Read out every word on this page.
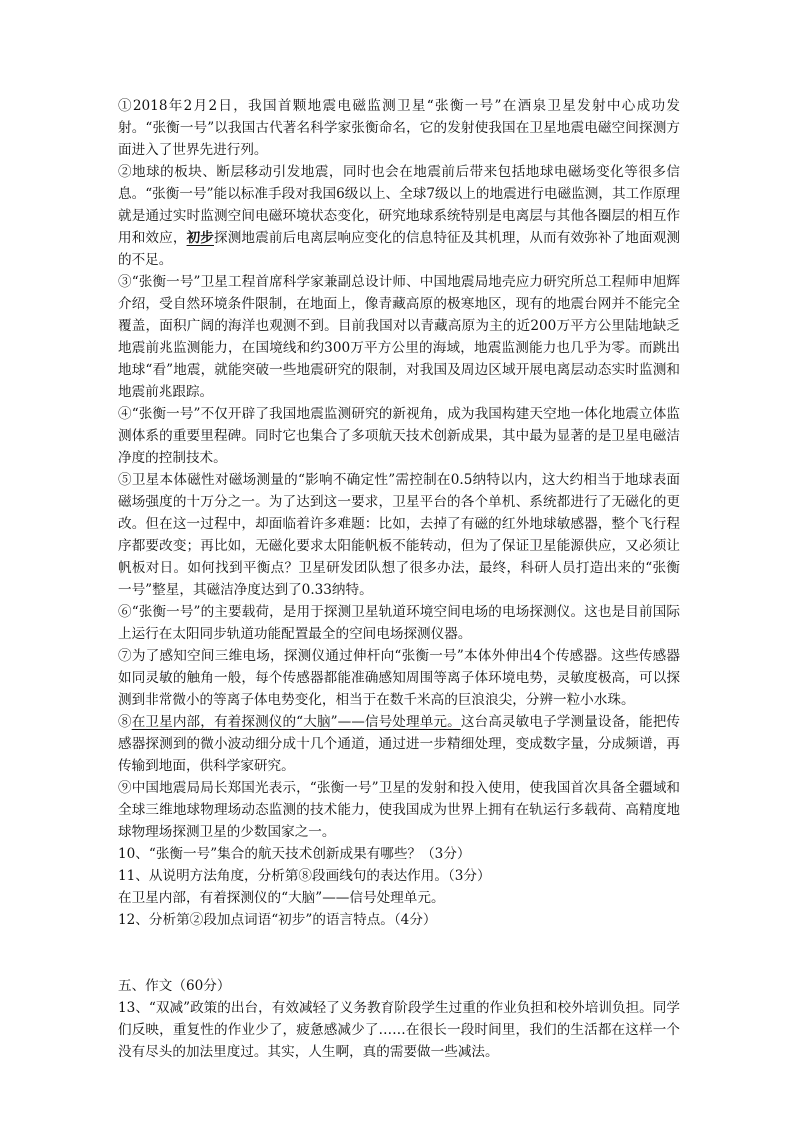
①2018年2月2日，我国首颗地震电磁监测卫星“张衡一号”在酒泉卫星发射中心成功发射。“张衡一号”以我国古代著名科学家张衡命名，它的发射使我国在卫星地震电磁空间探测方面进入了世界先进行列。

②地球的板块、断层移动引发地震，同时也会在地震前后带来包括地球电磁场变化等很多信息。“张衡一号”能以标准手段对我国6级以上、全球7级以上的地震进行电磁监测，其工作原理就是通过实时监测空间电磁环境状态变化，研究地球系统特别是电离层与其他各圈层的相互作用和效应，初步探测地震前后电离层响应变化的信息特征及其机理，从而有效弥补了地面观测的不足。

③“张衡一号”卫星工程首席科学家兼副总设计师、中国地震局地壳应力研究所总工程师申旭辉介绍，受自然环境条件限制，在地面上，像青藏高原的极寒地区，现有的地震台网并不能完全覆盖，面积广阔的海洋也观测不到。目前我国对以青藏高原为主的近200万平方公里陆地缺乏地震前兆监测能力，在国境线和约300万平方公里的海域，地震监测能力也几乎为零。而跳出地球“看”地震，就能突破一些地震研究的限制，对我国及周边区域开展电离层动态实时监测和地震前兆跟踪。

④“张衡一号”不仅开辟了我国地震监测研究的新视角，成为我国构建天空地一体化地震立体监测体系的重要里程碑。同时它也集合了多项航天技术创新成果，其中最为显著的是卫星电磁洁净度的控制技术。

⑤卫星本体磁性对磁场测量的“影响不确定性”需控制在0.5纳特以内，这大约相当于地球表面磁场强度的十万分之一。为了达到这一要求，卫星平台的各个单机、系统都进行了无磁化的更改。但在这一过程中，却面临着许多难题：比如，去掉了有磁的红外地球敏感器，整个飞行程序都要改变；再比如，无磁化要求太阳能帆板不能转动，但为了保证卫星能源供应，又必须让帆板对日。如何找到平衡点？卫星研发团队想了很多办法，最终，科研人员打造出来的“张衡一号”整星，其磁洁净度达到了0.33纳特。

⑥“张衡一号”的主要载荷，是用于探测卫星轨道环境空间电场的电场探测仪。这也是目前国际上运行在太阳同步轨道功能配置最全的空间电场探测仪器。

⑦为了感知空间三维电场，探测仪通过伸杆向“张衡一号”本体外伸出4个传感器。这些传感器如同灵敏的触角一般，每个传感器都能准确感知周围等离子体环境电势，灵敏度极高，可以探测到非常微小的等离子体电势变化，相当于在数千米高的巨浪浪尖，分辨一粒小水珠。

⑧在卫星内部，有着探测仪的“大脑”——信号处理单元。这台高灵敏电子学测量设备，能把传感器探测到的微小波动细分成十几个通道，通过进一步精细处理，变成数字量，分成频谱，再传输到地面，供科学家研究。

⑨中国地震局局长郑国光表示，“张衡一号”卫星的发射和投入使用，使我国首次具备全疆域和全球三维地球物理场动态监测的技术能力，使我国成为世界上拥有在轨运行多载荷、高精度地球物理场探测卫星的少数国家之一。

10、“张衡一号”集合的航天技术创新成果有哪些？（3分）

11、从说明方法角度，分析第⑧段画线句的表达作用。（3分）

在卫星内部，有着探测仪的“大脑”——信号处理单元。

12、分析第②段加点词语“初步”的语言特点。（4分）

五、作文（60分）

13、“双减”政策的出台，有效减轻了义务教育阶段学生过重的作业负担和校外培训负担。同学们反映，重复性的作业少了，疲惫感减少了……在很长一段时间里，我们的生活都在这样一个没有尽头的加法里度过。其实，人生啊，真的需要做一些减法。
